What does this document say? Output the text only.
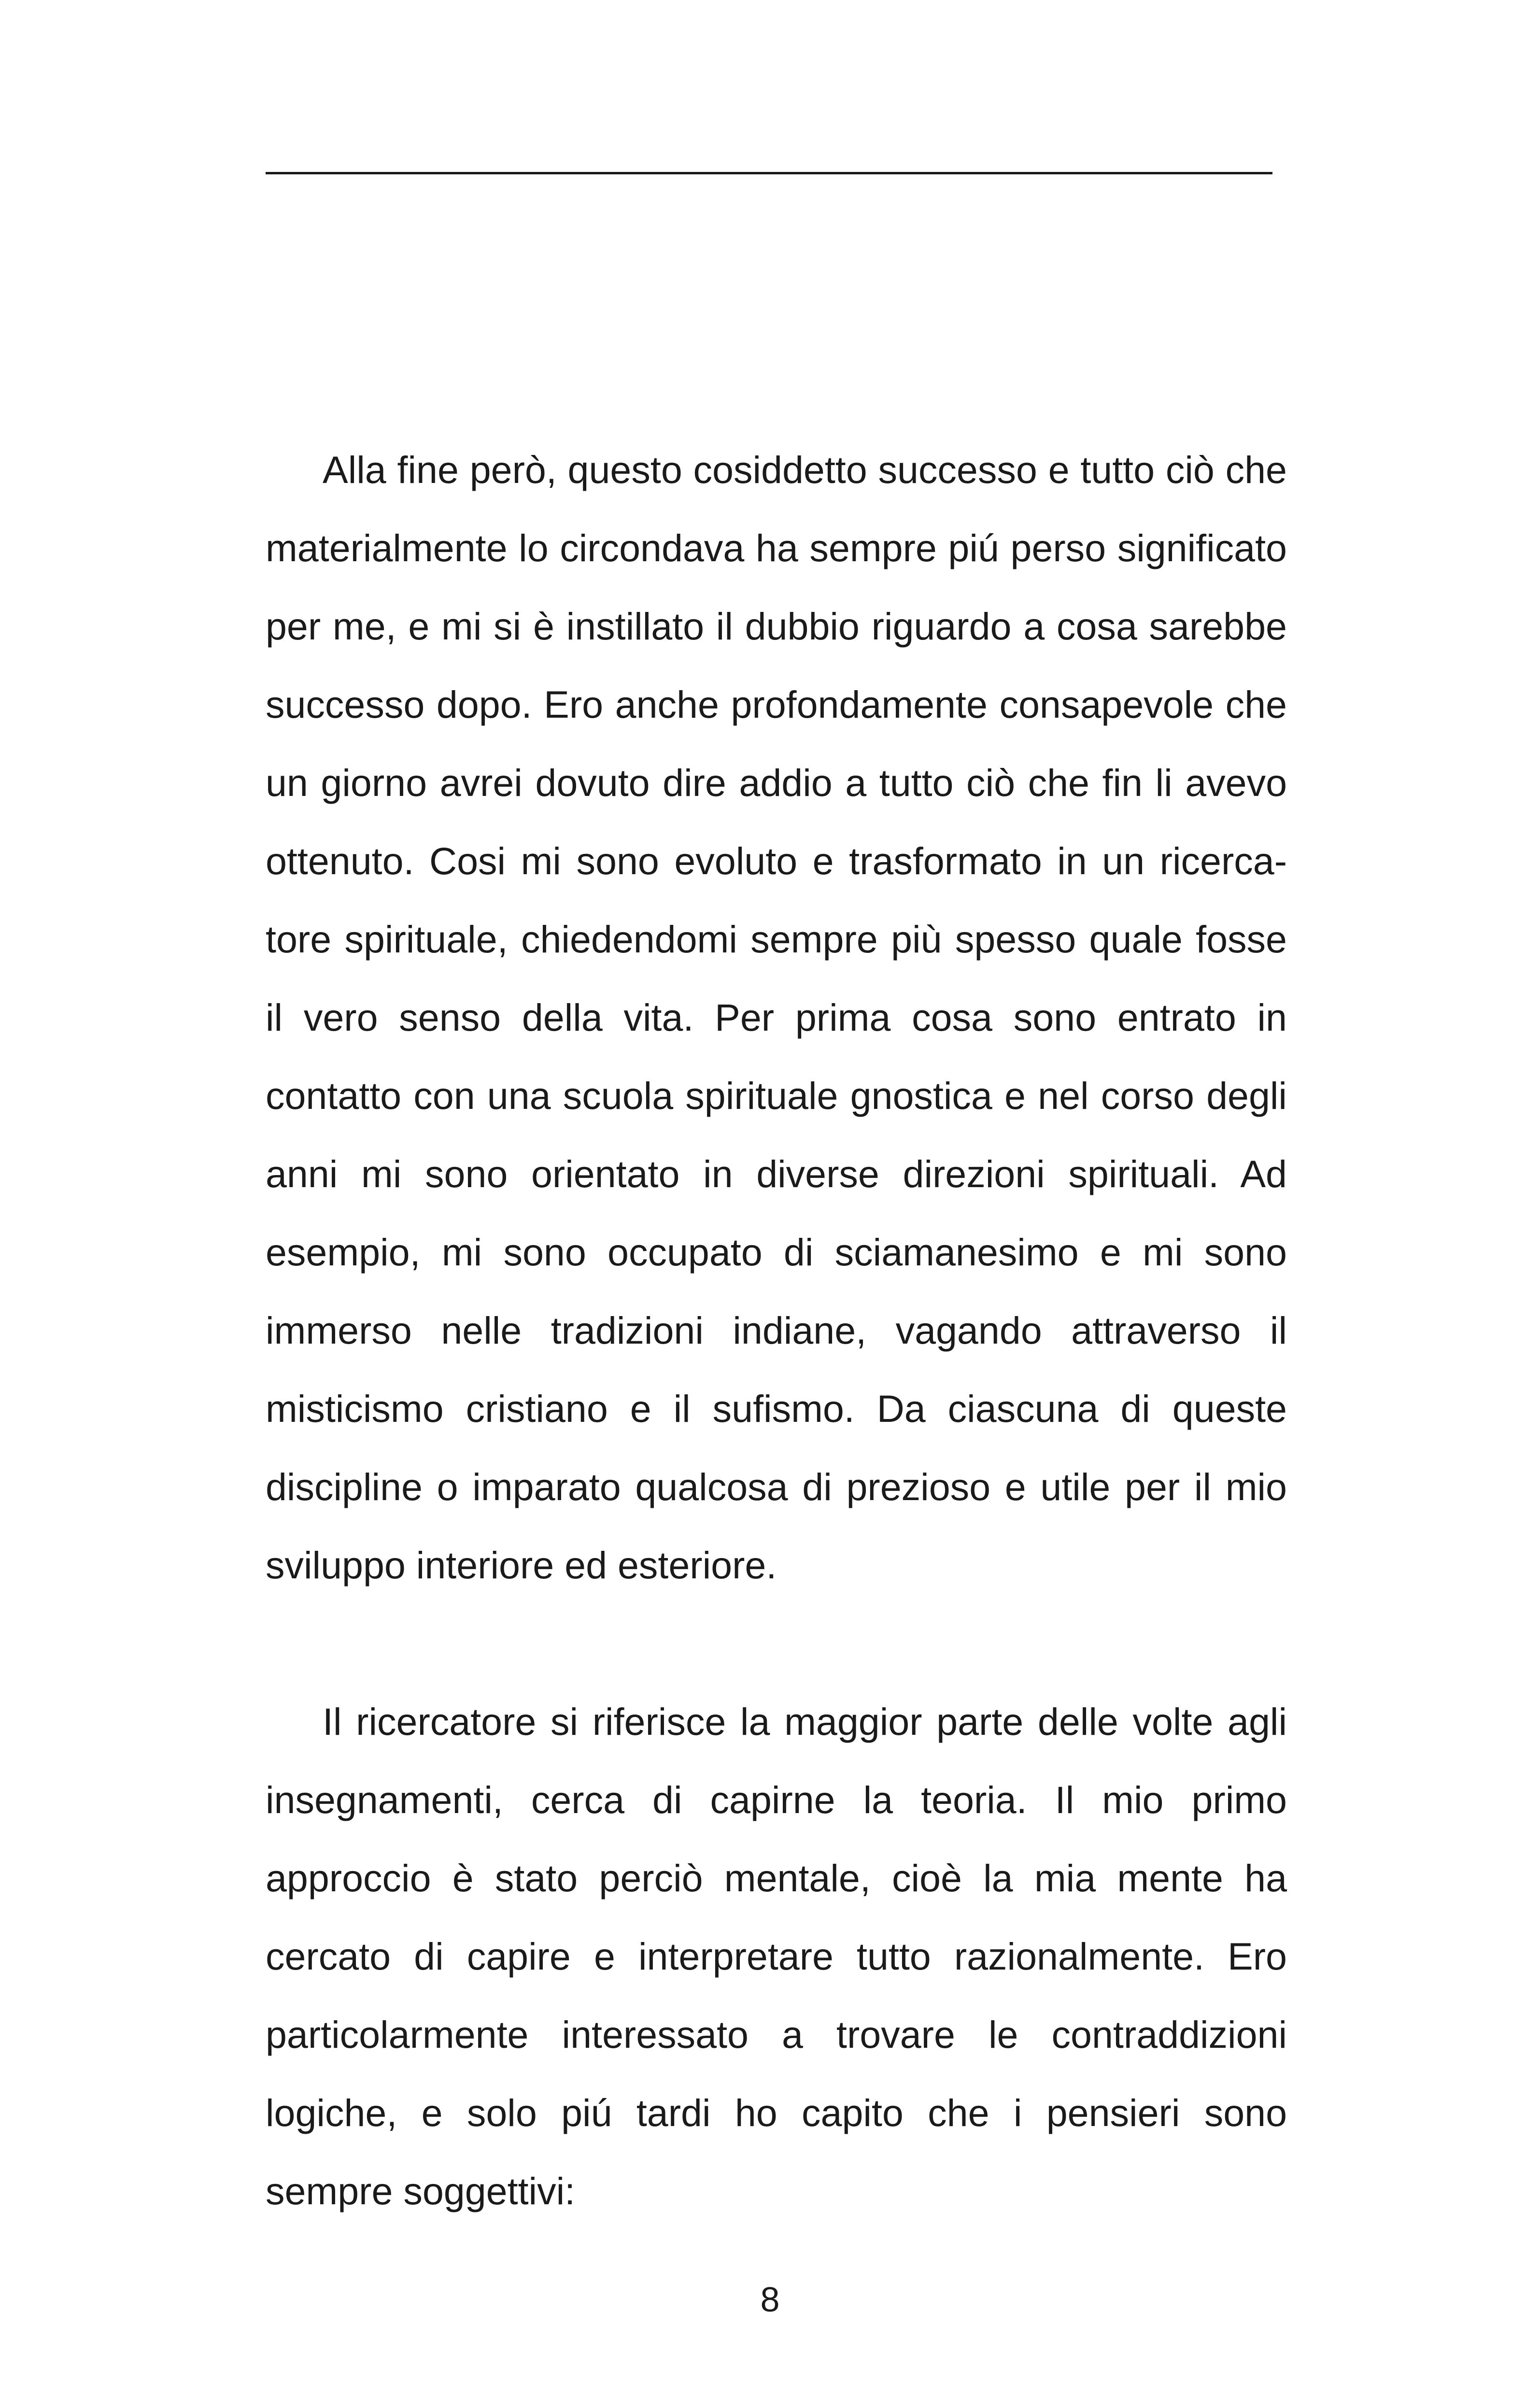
Alla fine però, questo cosiddetto successo e tutto ciò che materialmente lo circondava ha sempre piú perso significato per me, e mi si è instillato il dubbio riguardo a cosa sarebbe successo dopo. Ero anche profondamente consapevole che un giorno avrei dovuto dire addio a tutto ciò che fin li avevo ottenuto. Cosi mi sono evoluto e trasformato in un ricercatore spirituale, chiedendomi sempre più spesso quale fosse il vero senso della vita. Per prima cosa sono entrato in contatto con una scuola spirituale gnostica e nel corso degli anni mi sono orientato in diverse direzioni spirituali. Ad esempio, mi sono occupato di sciamanesimo e mi sono immerso nelle tradizioni indiane, vagando attraverso il misticismo cristiano e il sufismo. Da ciascuna di queste discipline o imparato qualcosa di prezioso e utile per il mio sviluppo interiore ed esteriore.

Il ricercatore si riferisce la maggior parte delle volte agli insegnamenti, cerca di capirne la teoria. Il mio primo approccio è stato perciò mentale, cioè la mia mente ha cercato di capire e interpretare tutto razionalmente. Ero particolarmente interessato a trovare le contraddizioni logiche, e solo piú tardi ho capito che i pensieri sono sempre soggettivi:

8
